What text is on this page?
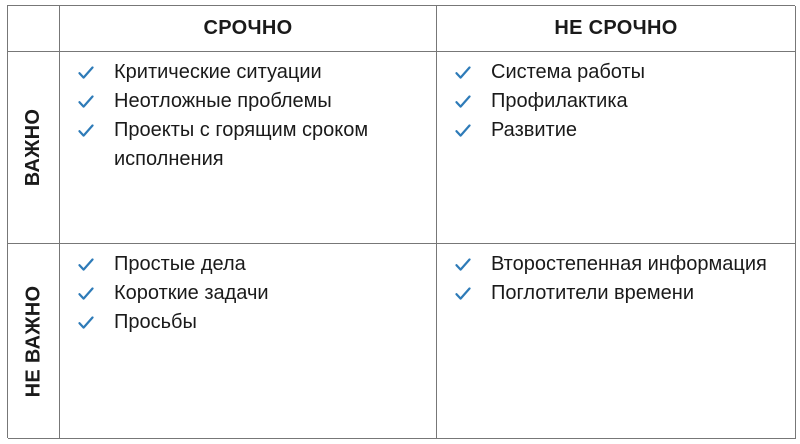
СРОЧНО	НЕ СРОЧНО
ВАЖНО
Критические ситуации
Неотложные проблемы
Проекты с горящим сроком исполнения
Система работы
Профилактика
Развитие
НЕ ВАЖНО
Простые дела
Короткие задачи
Просьбы
Второстепенная информация
Поглотители времени
